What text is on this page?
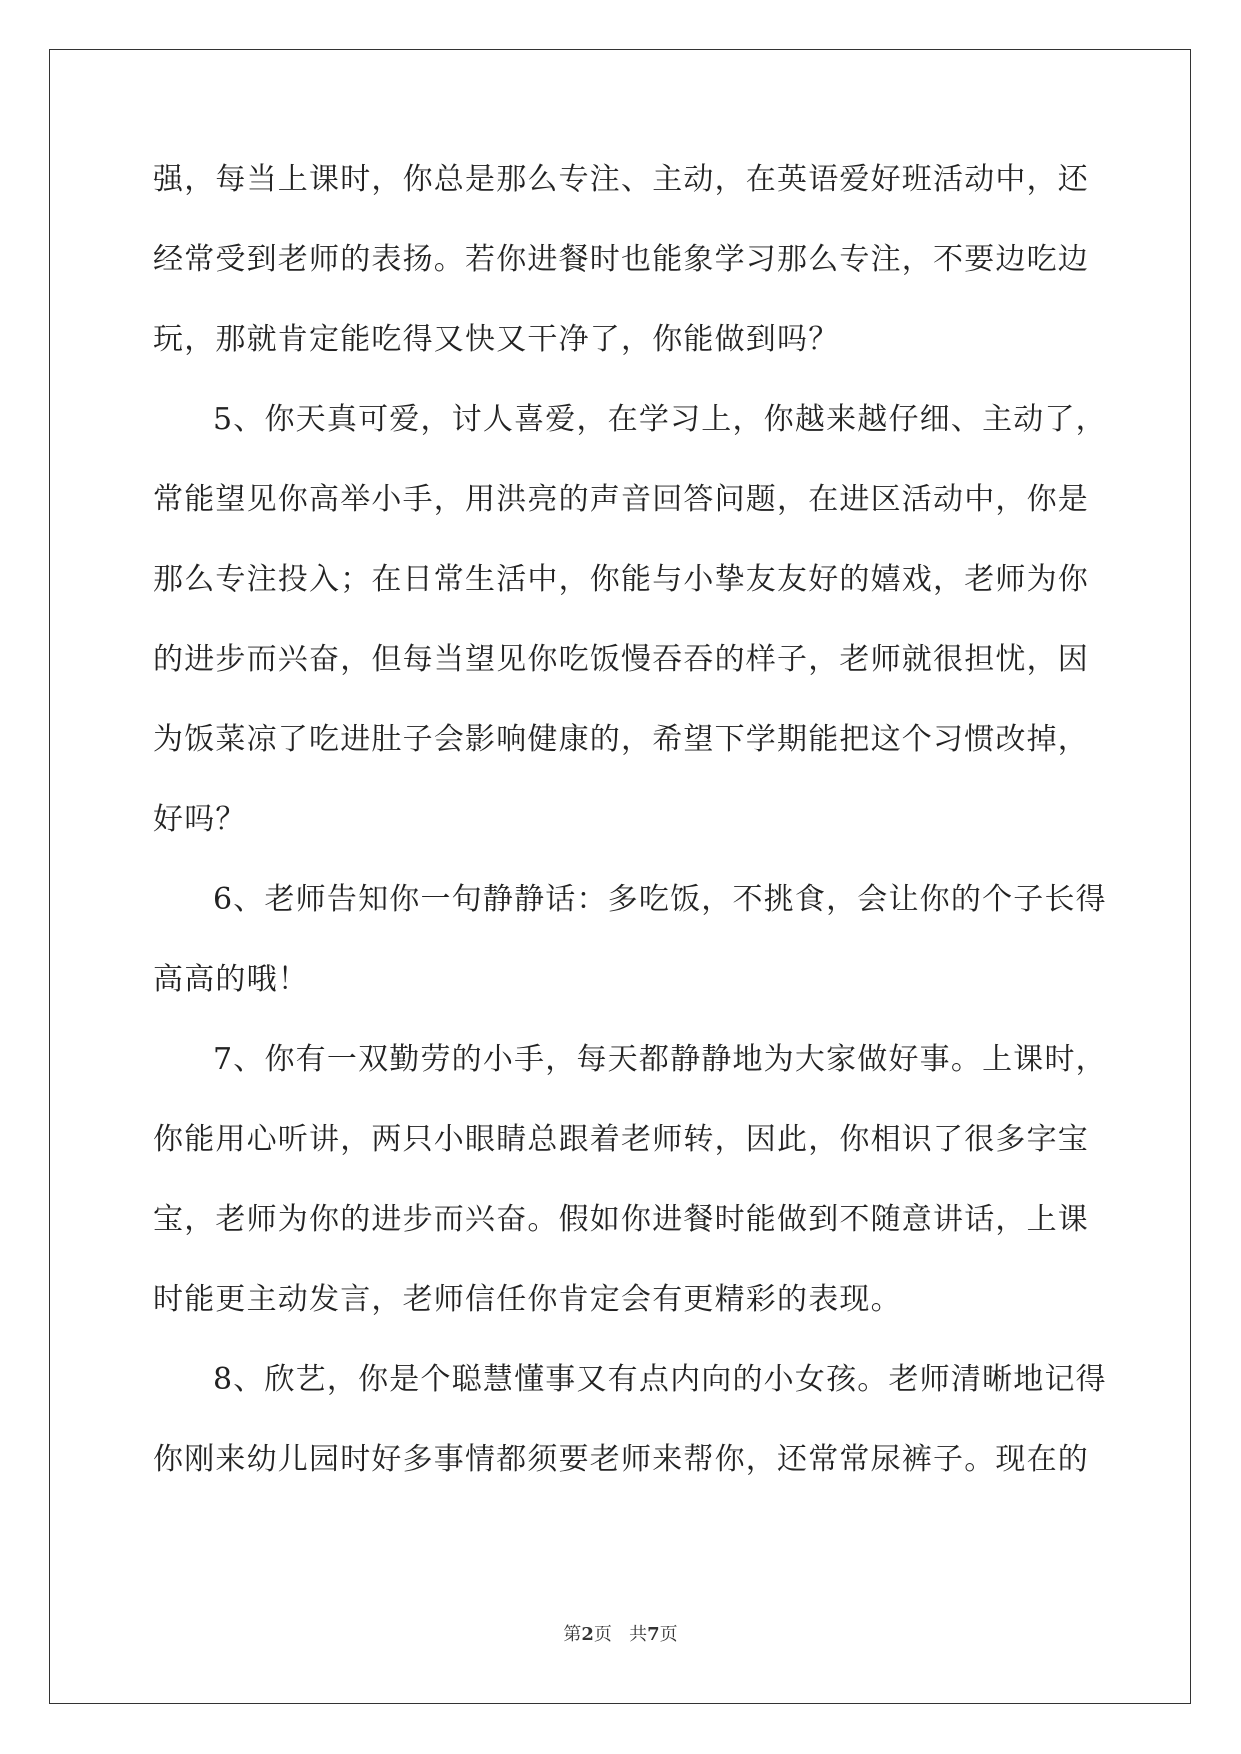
强，每当上课时，你总是那么专注、主动，在英语爱好班活动中，还
经常受到老师的表扬。若你进餐时也能象学习那么专注，不要边吃边
玩，那就肯定能吃得又快又干净了，你能做到吗？
5、你天真可爱，讨人喜爱，在学习上，你越来越仔细、主动了，
常能望见你高举小手，用洪亮的声音回答问题，在进区活动中，你是
那么专注投入；在日常生活中，你能与小挚友友好的嬉戏，老师为你
的进步而兴奋，但每当望见你吃饭慢吞吞的样子，老师就很担忧，因
为饭菜凉了吃进肚子会影响健康的，希望下学期能把这个习惯改掉，
好吗？
6、老师告知你一句静静话：多吃饭，不挑食，会让你的个子长得
高高的哦！
7、你有一双勤劳的小手，每天都静静地为大家做好事。上课时，
你能用心听讲，两只小眼睛总跟着老师转，因此，你相识了很多字宝
宝，老师为你的进步而兴奋。假如你进餐时能做到不随意讲话，上课
时能更主动发言，老师信任你肯定会有更精彩的表现。
8、欣艺，你是个聪慧懂事又有点内向的小女孩。老师清晰地记得
你刚来幼儿园时好多事情都须要老师来帮你，还常常尿裤子。现在的
第2页   共7页
